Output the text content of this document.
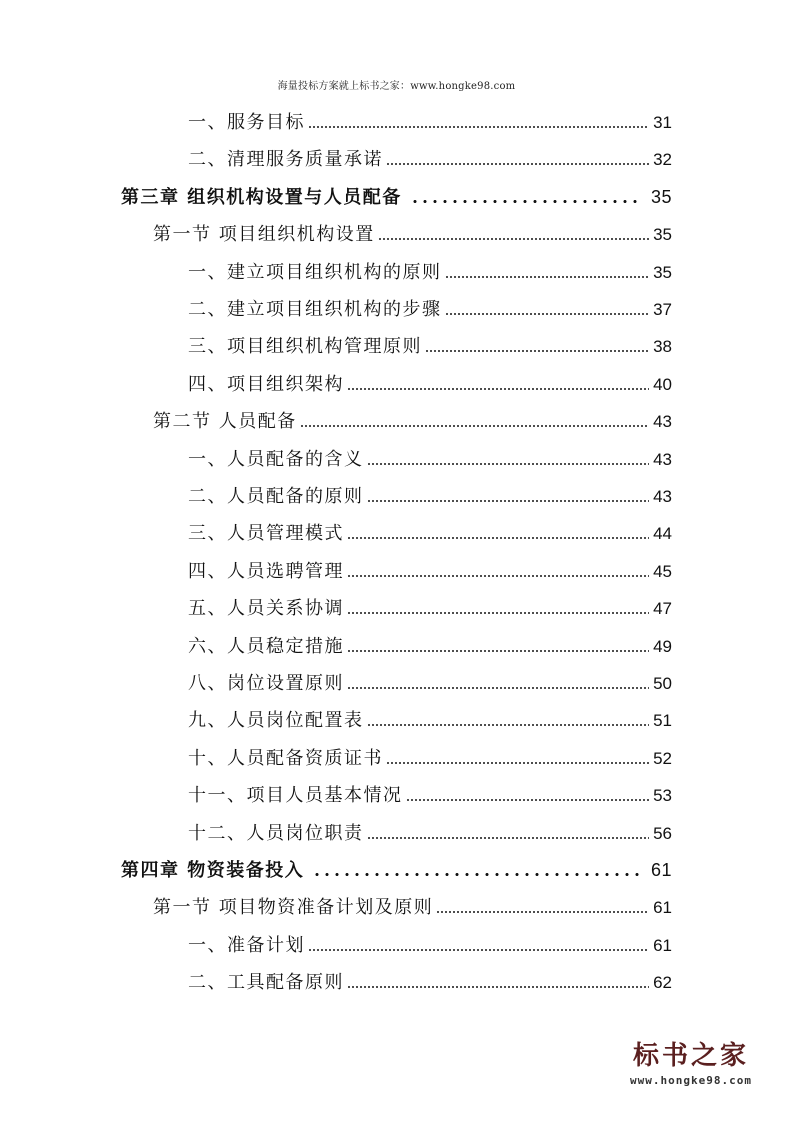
海量投标方案就上标书之家：www.hongke98.com
一、服务目标	31
二、清理服务质量承诺	32
第三章 组织机构设置与人员配备	35
第一节 项目组织机构设置	35
一、建立项目组织机构的原则	35
二、建立项目组织机构的步骤	37
三、项目组织机构管理原则	38
四、项目组织架构	40
第二节 人员配备	43
一、人员配备的含义	43
二、人员配备的原则	43
三、人员管理模式	44
四、人员选聘管理	45
五、人员关系协调	47
六、人员稳定措施	49
八、岗位设置原则	50
九、人员岗位配置表	51
十、人员配备资质证书	52
十一、项目人员基本情况	53
十二、人员岗位职责	56
第四章 物资装备投入	61
第一节 项目物资准备计划及原则	61
一、准备计划	61
二、工具配备原则	62
标书之家
www.hongke98.com
